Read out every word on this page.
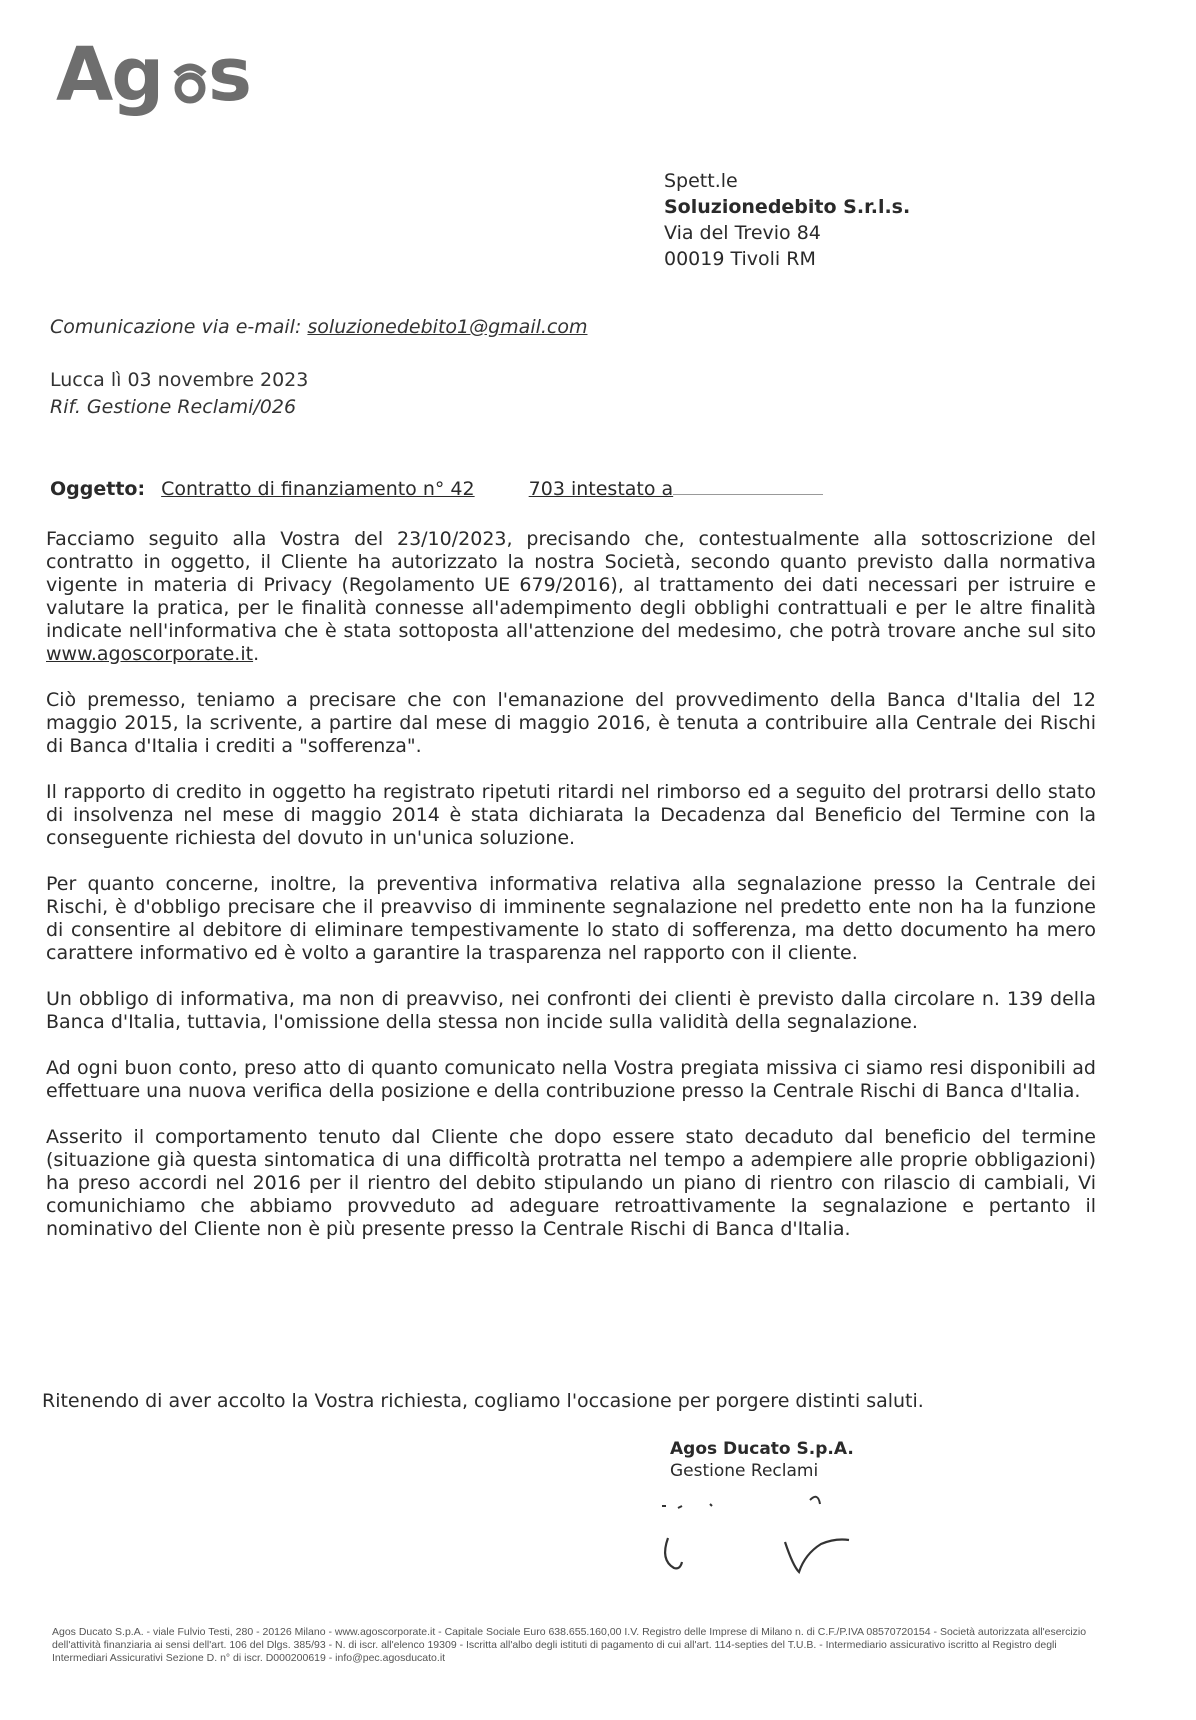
Ag s
Spett.le
Soluzionedebito S.r.l.s.
Via del Trevio 84
00019 Tivoli RM
Comunicazione via e-mail: soluzionedebito1@gmail.com
Lucca lì 03 novembre 2023
Rif. Gestione Reclami/026
Oggetto: Contratto di finanziamento n° 42	703 intestato a

Facciamo seguito alla Vostra del 23/10/2023, precisando che, contestualmente alla sottoscrizione del contratto in oggetto, il Cliente ha autorizzato la nostra Società, secondo quanto previsto dalla normativa vigente in materia di Privacy (Regolamento UE 679/2016), al trattamento dei dati necessari per istruire e valutare la pratica, per le finalità connesse all'adempimento degli obblighi contrattuali e per le altre finalità indicate nell'informativa che è stata sottoposta all'attenzione del medesimo, che potrà trovare anche sul sito www.agoscorporate.it.

Ciò premesso, teniamo a precisare che con l'emanazione del provvedimento della Banca d'Italia del 12 maggio 2015, la scrivente, a partire dal mese di maggio 2016, è tenuta a contribuire alla Centrale dei Rischi di Banca d'Italia i crediti a "sofferenza".

Il rapporto di credito in oggetto ha registrato ripetuti ritardi nel rimborso ed a seguito del protrarsi dello stato di insolvenza nel mese di maggio 2014 è stata dichiarata la Decadenza dal Beneficio del Termine con la conseguente richiesta del dovuto in un'unica soluzione.

Per quanto concerne, inoltre, la preventiva informativa relativa alla segnalazione presso la Centrale dei Rischi, è d'obbligo precisare che il preavviso di imminente segnalazione nel predetto ente non ha la funzione di consentire al debitore di eliminare tempestivamente lo stato di sofferenza, ma detto documento ha mero carattere informativo ed è volto a garantire la trasparenza nel rapporto con il cliente.

Un obbligo di informativa, ma non di preavviso, nei confronti dei clienti è previsto dalla circolare n. 139 della Banca d'Italia, tuttavia, l'omissione della stessa non incide sulla validità della segnalazione.

Ad ogni buon conto, preso atto di quanto comunicato nella Vostra pregiata missiva ci siamo resi disponibili ad effettuare una nuova verifica della posizione e della contribuzione presso la Centrale Rischi di Banca d'Italia.

Asserito il comportamento tenuto dal Cliente che dopo essere stato decaduto dal beneficio del termine (situazione già questa sintomatica di una difficoltà protratta nel tempo a adempiere alle proprie obbligazioni) ha preso accordi nel 2016 per il rientro del debito stipulando un piano di rientro con rilascio di cambiali, Vi comunichiamo che abbiamo provveduto ad adeguare retroattivamente la segnalazione e pertanto il nominativo del Cliente non è più presente presso la Centrale Rischi di Banca d'Italia.

Ritenendo di aver accolto la Vostra richiesta, cogliamo l'occasione per porgere distinti saluti.
Agos Ducato S.p.A.
Gestione Reclami
Agos Ducato S.p.A. - viale Fulvio Testi, 280 - 20126 Milano - www.agoscorporate.it - Capitale Sociale Euro 638.655.160,00 I.V. Registro delle Imprese di Milano n. di C.F./P.IVA 08570720154 - Società autorizzata all'esercizio dell'attività finanziaria ai sensi dell'art. 106 del Dlgs. 385/93 - N. di iscr. all'elenco 19309 - Iscritta all'albo degli istituti di pagamento di cui all'art. 114-septies del T.U.B. - Intermediario assicurativo iscritto al Registro degli Intermediari Assicurativi Sezione D. n° di iscr. D000200619 - info@pec.agosducato.it
